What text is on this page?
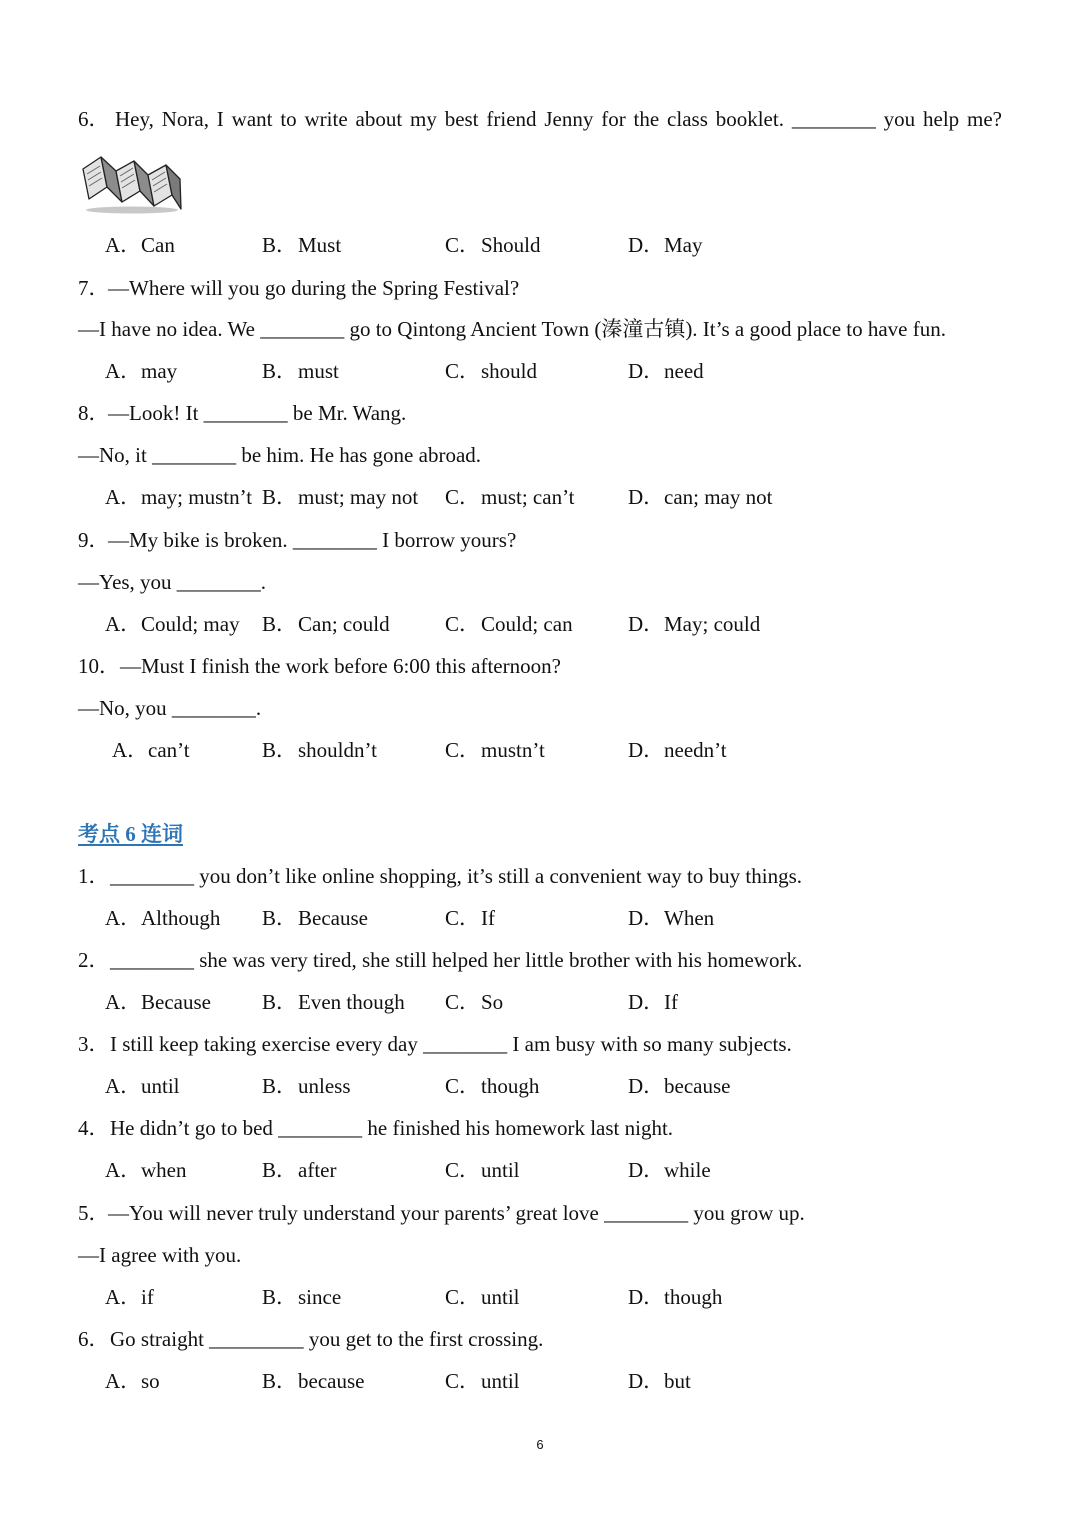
6． Hey, Nora, I want to write about my best friend Jenny for the class booklet. ________ you help me?
A．Can	B．Must	C．Should	D．May
7．
—Where will you go during the Spring Festival?
—I have no idea. We ________ go to Qintong Ancient Town (溱潼古镇). It’s a good place to have fun.
A．may	B．must	C．should	D．need
8．
—Look! It ________ be Mr. Wang.
—No, it ________ be him. He has gone abroad.
A．may; mustn’t B．must; may not C．must; can’t	D．can; may not
9．
—My bike is broken. ________ I borrow yours?
—Yes, you ________.
A．Could; may B．Can; could	C．Could; can	D．May; could
10． —Must I finish the work before 6:00 this afternoon?
—No, you ________.
A．can’t	B．shouldn’t	C．mustn’t	D．needn’t
考点 6 连词
1． ________ you don’t like online shopping, it’s still a convenient way to buy things.
A．Although B．Because	C．If	D．When
2． ________ she was very tired, she still helped her little brother with his homework.
A．Because B．Even though C．So	D．If
3． I still keep taking exercise every day ________ I am busy with so many subjects.
A．until	B．unless	C．though	D．because
4． He didn’t go to bed ________ he finished his homework last night.
A．when	B．after	C．until	D．while
5．
—You will never truly understand your parents’ great love ________ you grow up.
—I agree with you.
A．if	B．since	C．until	D．though
6． Go straight _________ you get to the first crossing.
A．so	B．because	C．until	D．but
6
